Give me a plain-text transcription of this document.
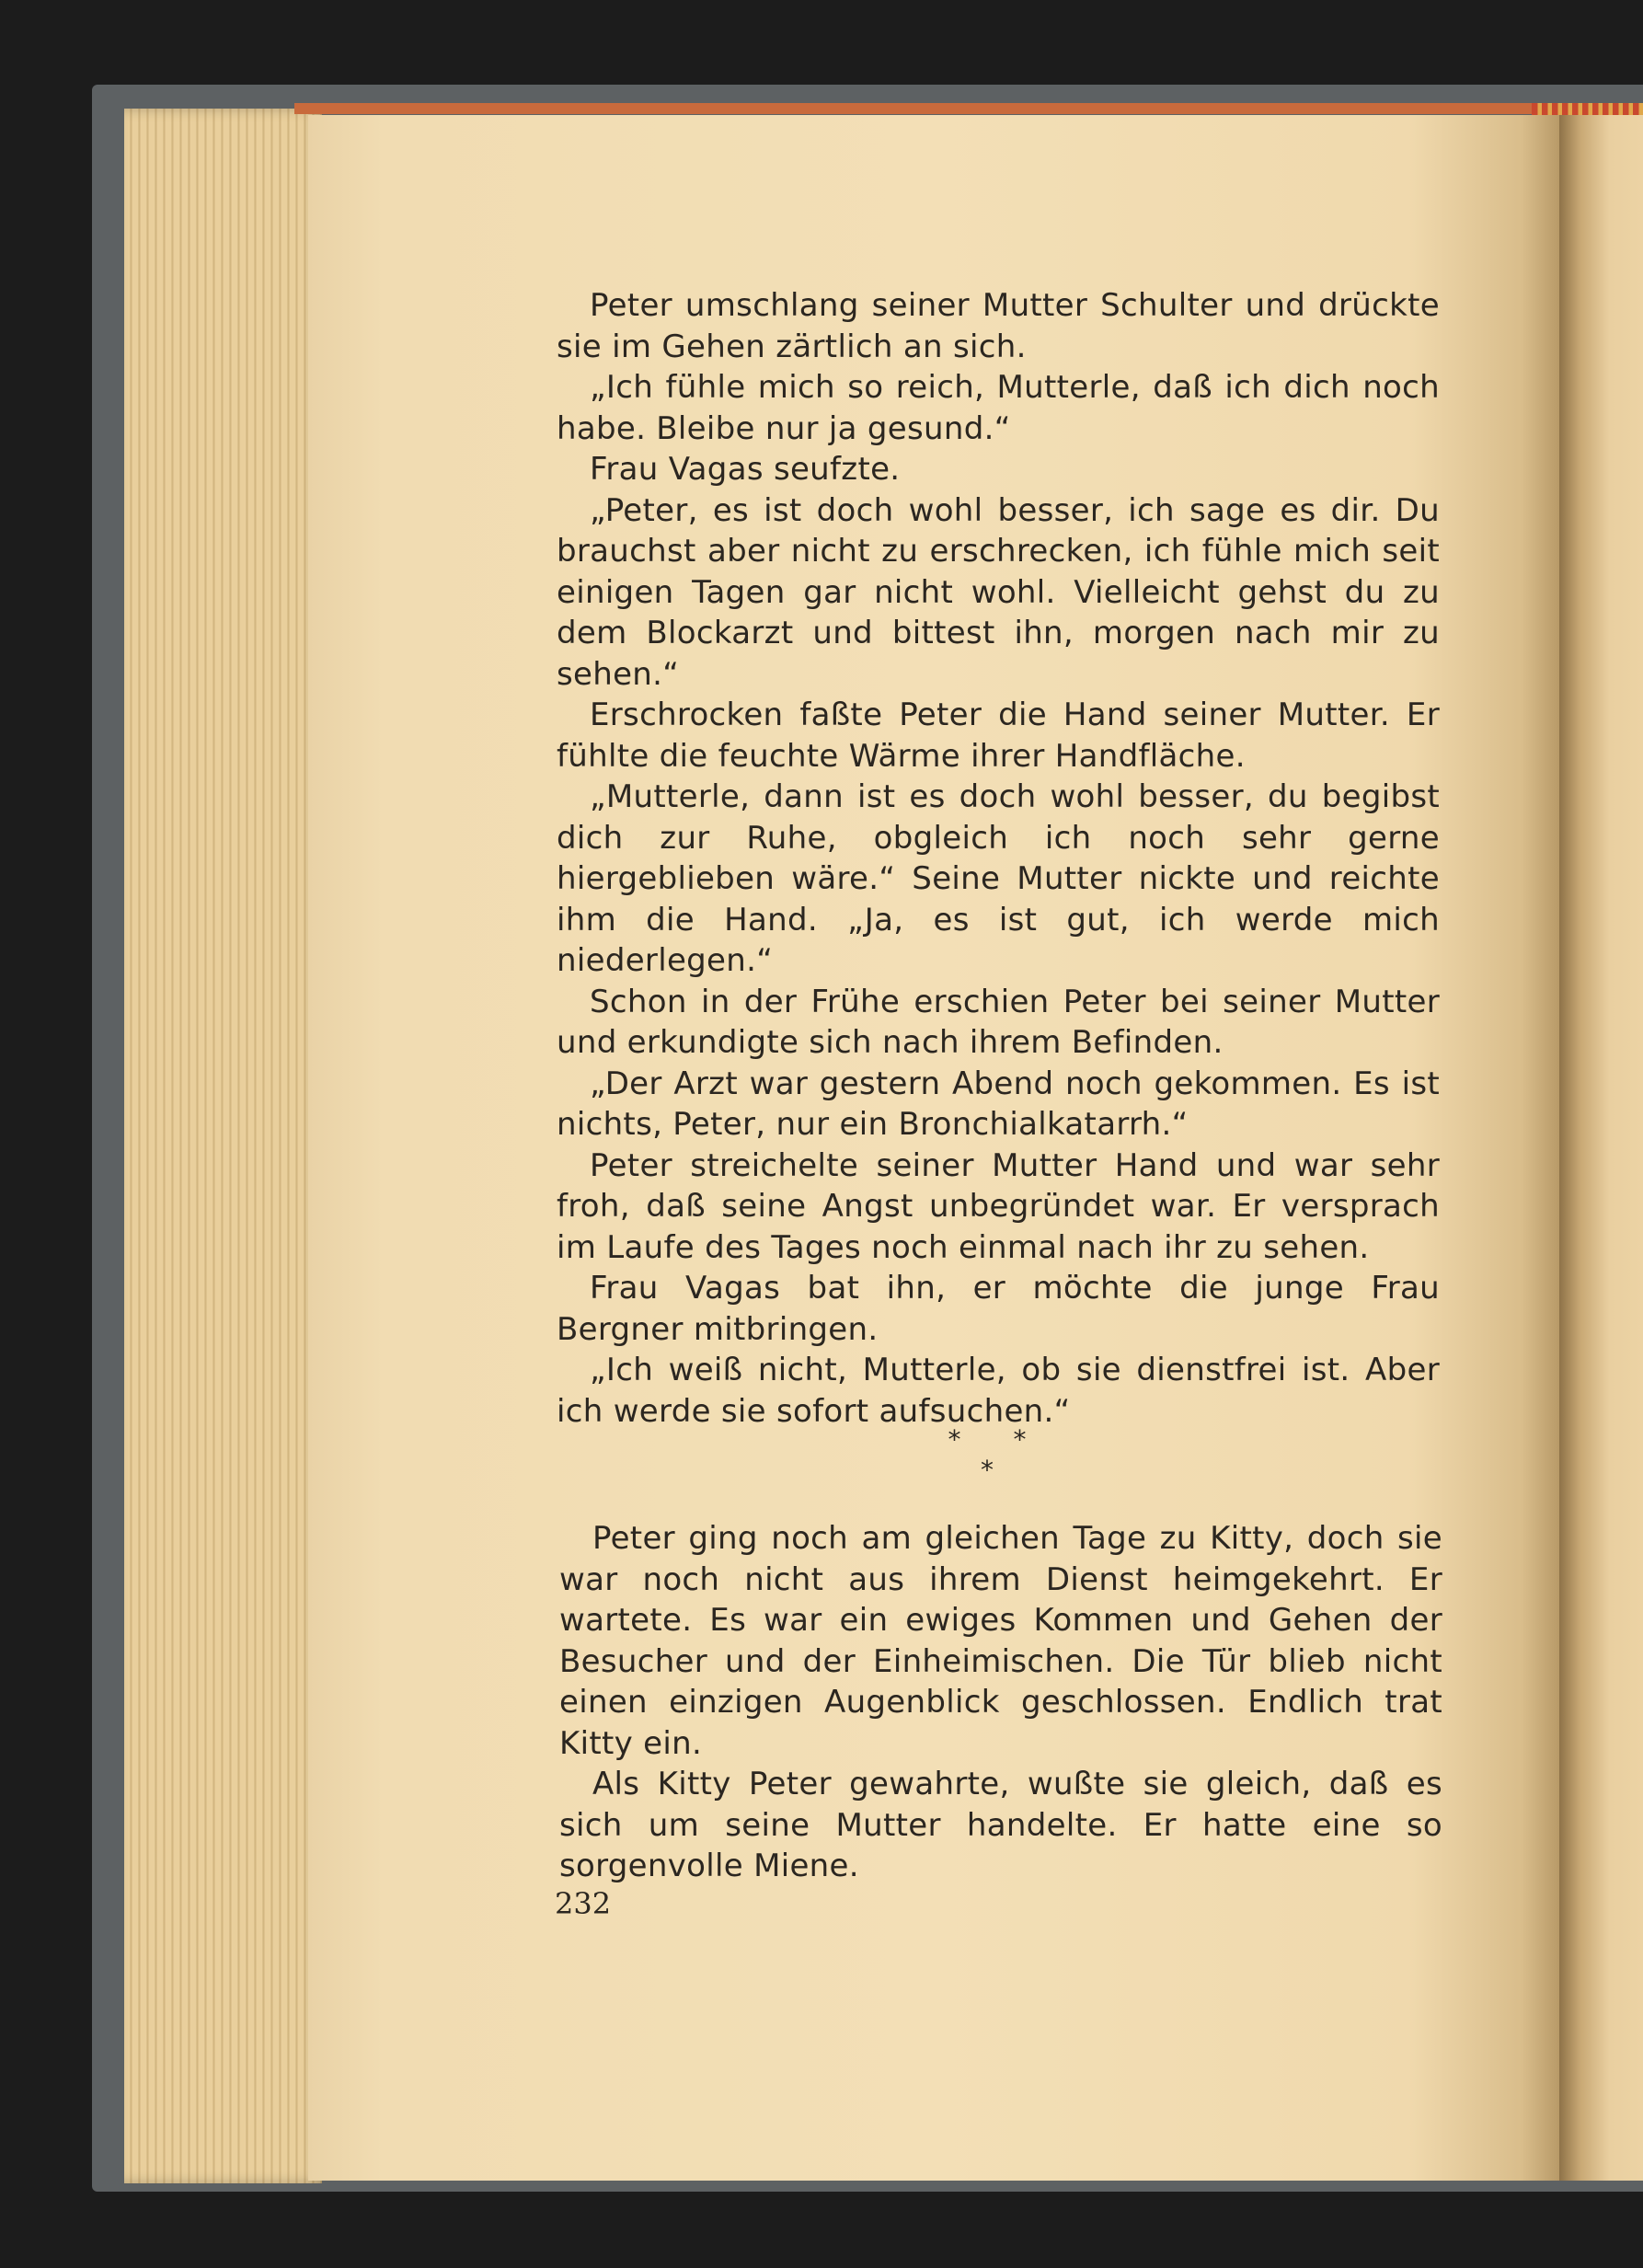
Peter umschlang seiner Mutter Schulter und drückte sie im Gehen zärtlich an sich.

„Ich fühle mich so reich, Mutterle, daß ich dich noch habe. Bleibe nur ja gesund.“

Frau Vagas seufzte.

„Peter, es ist doch wohl besser, ich sage es dir. Du brauchst aber nicht zu erschrecken, ich fühle mich seit einigen Tagen gar nicht wohl. Vielleicht gehst du zu dem Blockarzt und bittest ihn, morgen nach mir zu sehen.“

Erschrocken faßte Peter die Hand seiner Mutter. Er fühlte die feuchte Wärme ihrer Handfläche.

„Mutterle, dann ist es doch wohl besser, du begibst dich zur Ruhe, obgleich ich noch sehr gerne hiergeblieben wäre.“ Seine Mutter nickte und reichte ihm die Hand. „Ja, es ist gut, ich werde mich niederlegen.“

Schon in der Frühe erschien Peter bei seiner Mutter und erkundigte sich nach ihrem Befinden.

„Der Arzt war gestern Abend noch gekommen. Es ist nichts, Peter, nur ein Bronchialkatarrh.“

Peter streichelte seiner Mutter Hand und war sehr froh, daß seine Angst unbegründet war. Er versprach im Laufe des Tages noch einmal nach ihr zu sehen.

Frau Vagas bat ihn, er möchte die junge Frau Bergner mitbringen.

„Ich weiß nicht, Mutterle, ob sie dienstfrei ist. Aber ich werde sie sofort aufsuchen.“

* * *

Peter ging noch am gleichen Tage zu Kitty, doch sie war noch nicht aus ihrem Dienst heimgekehrt. Er wartete. Es war ein ewiges Kommen und Gehen der Besucher und der Einheimischen. Die Tür blieb nicht einen einzigen Augenblick geschlossen. Endlich trat Kitty ein.

Als Kitty Peter gewahrte, wußte sie gleich, daß es sich um seine Mutter handelte. Er hatte eine so sorgenvolle Miene.

232
